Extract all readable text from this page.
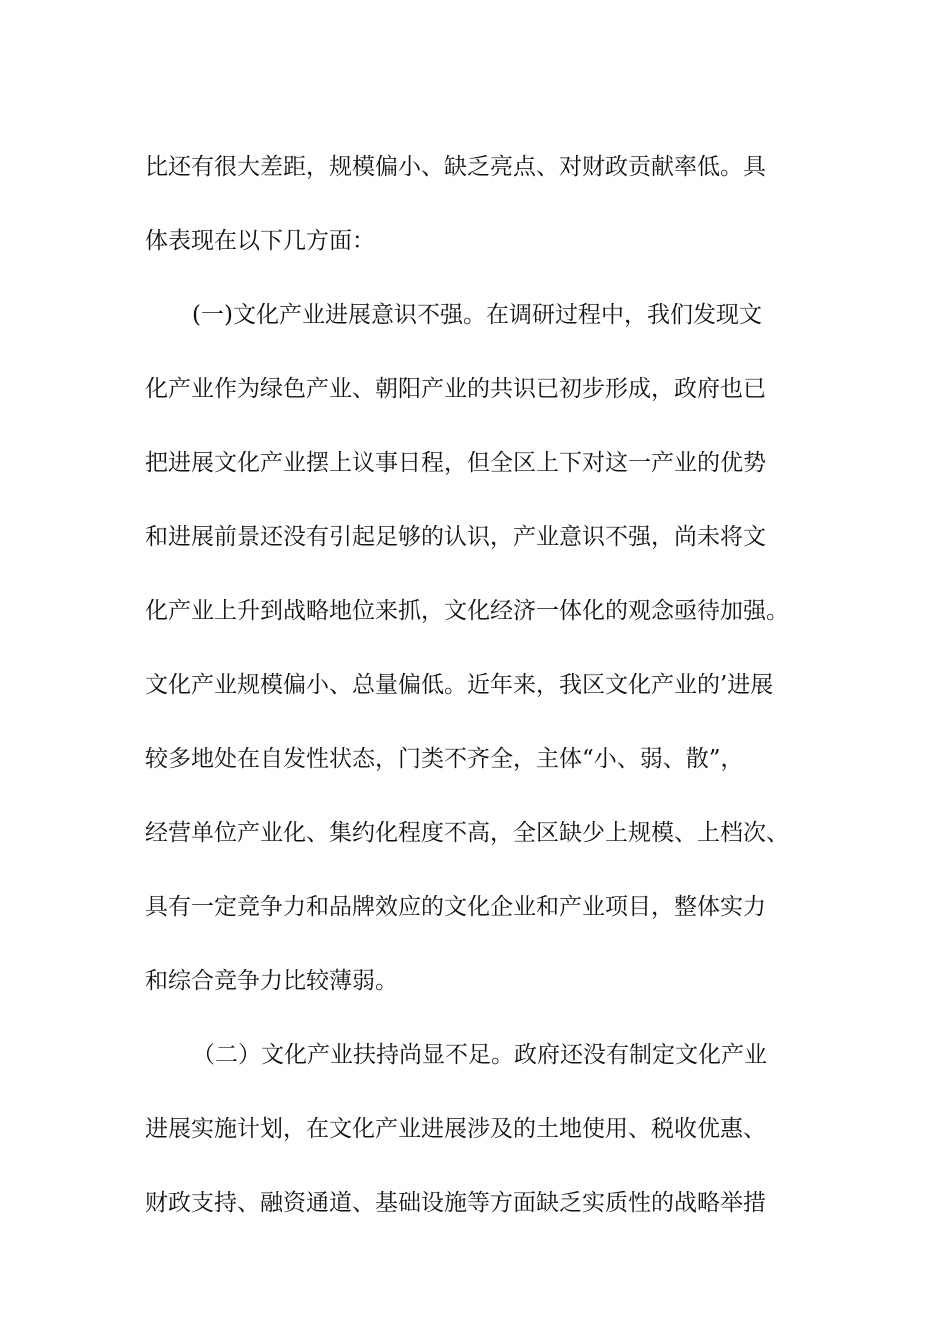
比还有很大差距，规模偏小、缺乏亮点、对财政贡献率低。具
体表现在以下几方面：
(一)文化产业进展意识不强。在调研过程中，我们发现文
化产业作为绿色产业、朝阳产业的共识已初步形成，政府也已
把进展文化产业摆上议事日程，但全区上下对这一产业的优势
和进展前景还没有引起足够的认识，产业意识不强，尚未将文
化产业上升到战略地位来抓，文化经济一体化的观念亟待加强。
文化产业规模偏小、总量偏低。近年来，我区文化产业的’进展
较多地处在自发性状态，门类不齐全，主体“小、弱、散”，
经营单位产业化、集约化程度不高，全区缺少上规模、上档次、
具有一定竞争力和品牌效应的文化企业和产业项目，整体实力
和综合竞争力比较薄弱。
（二）文化产业扶持尚显不足。政府还没有制定文化产业
进展实施计划，在文化产业进展涉及的土地使用、税收优惠、
财政支持、融资通道、基础设施等方面缺乏实质性的战略举措
